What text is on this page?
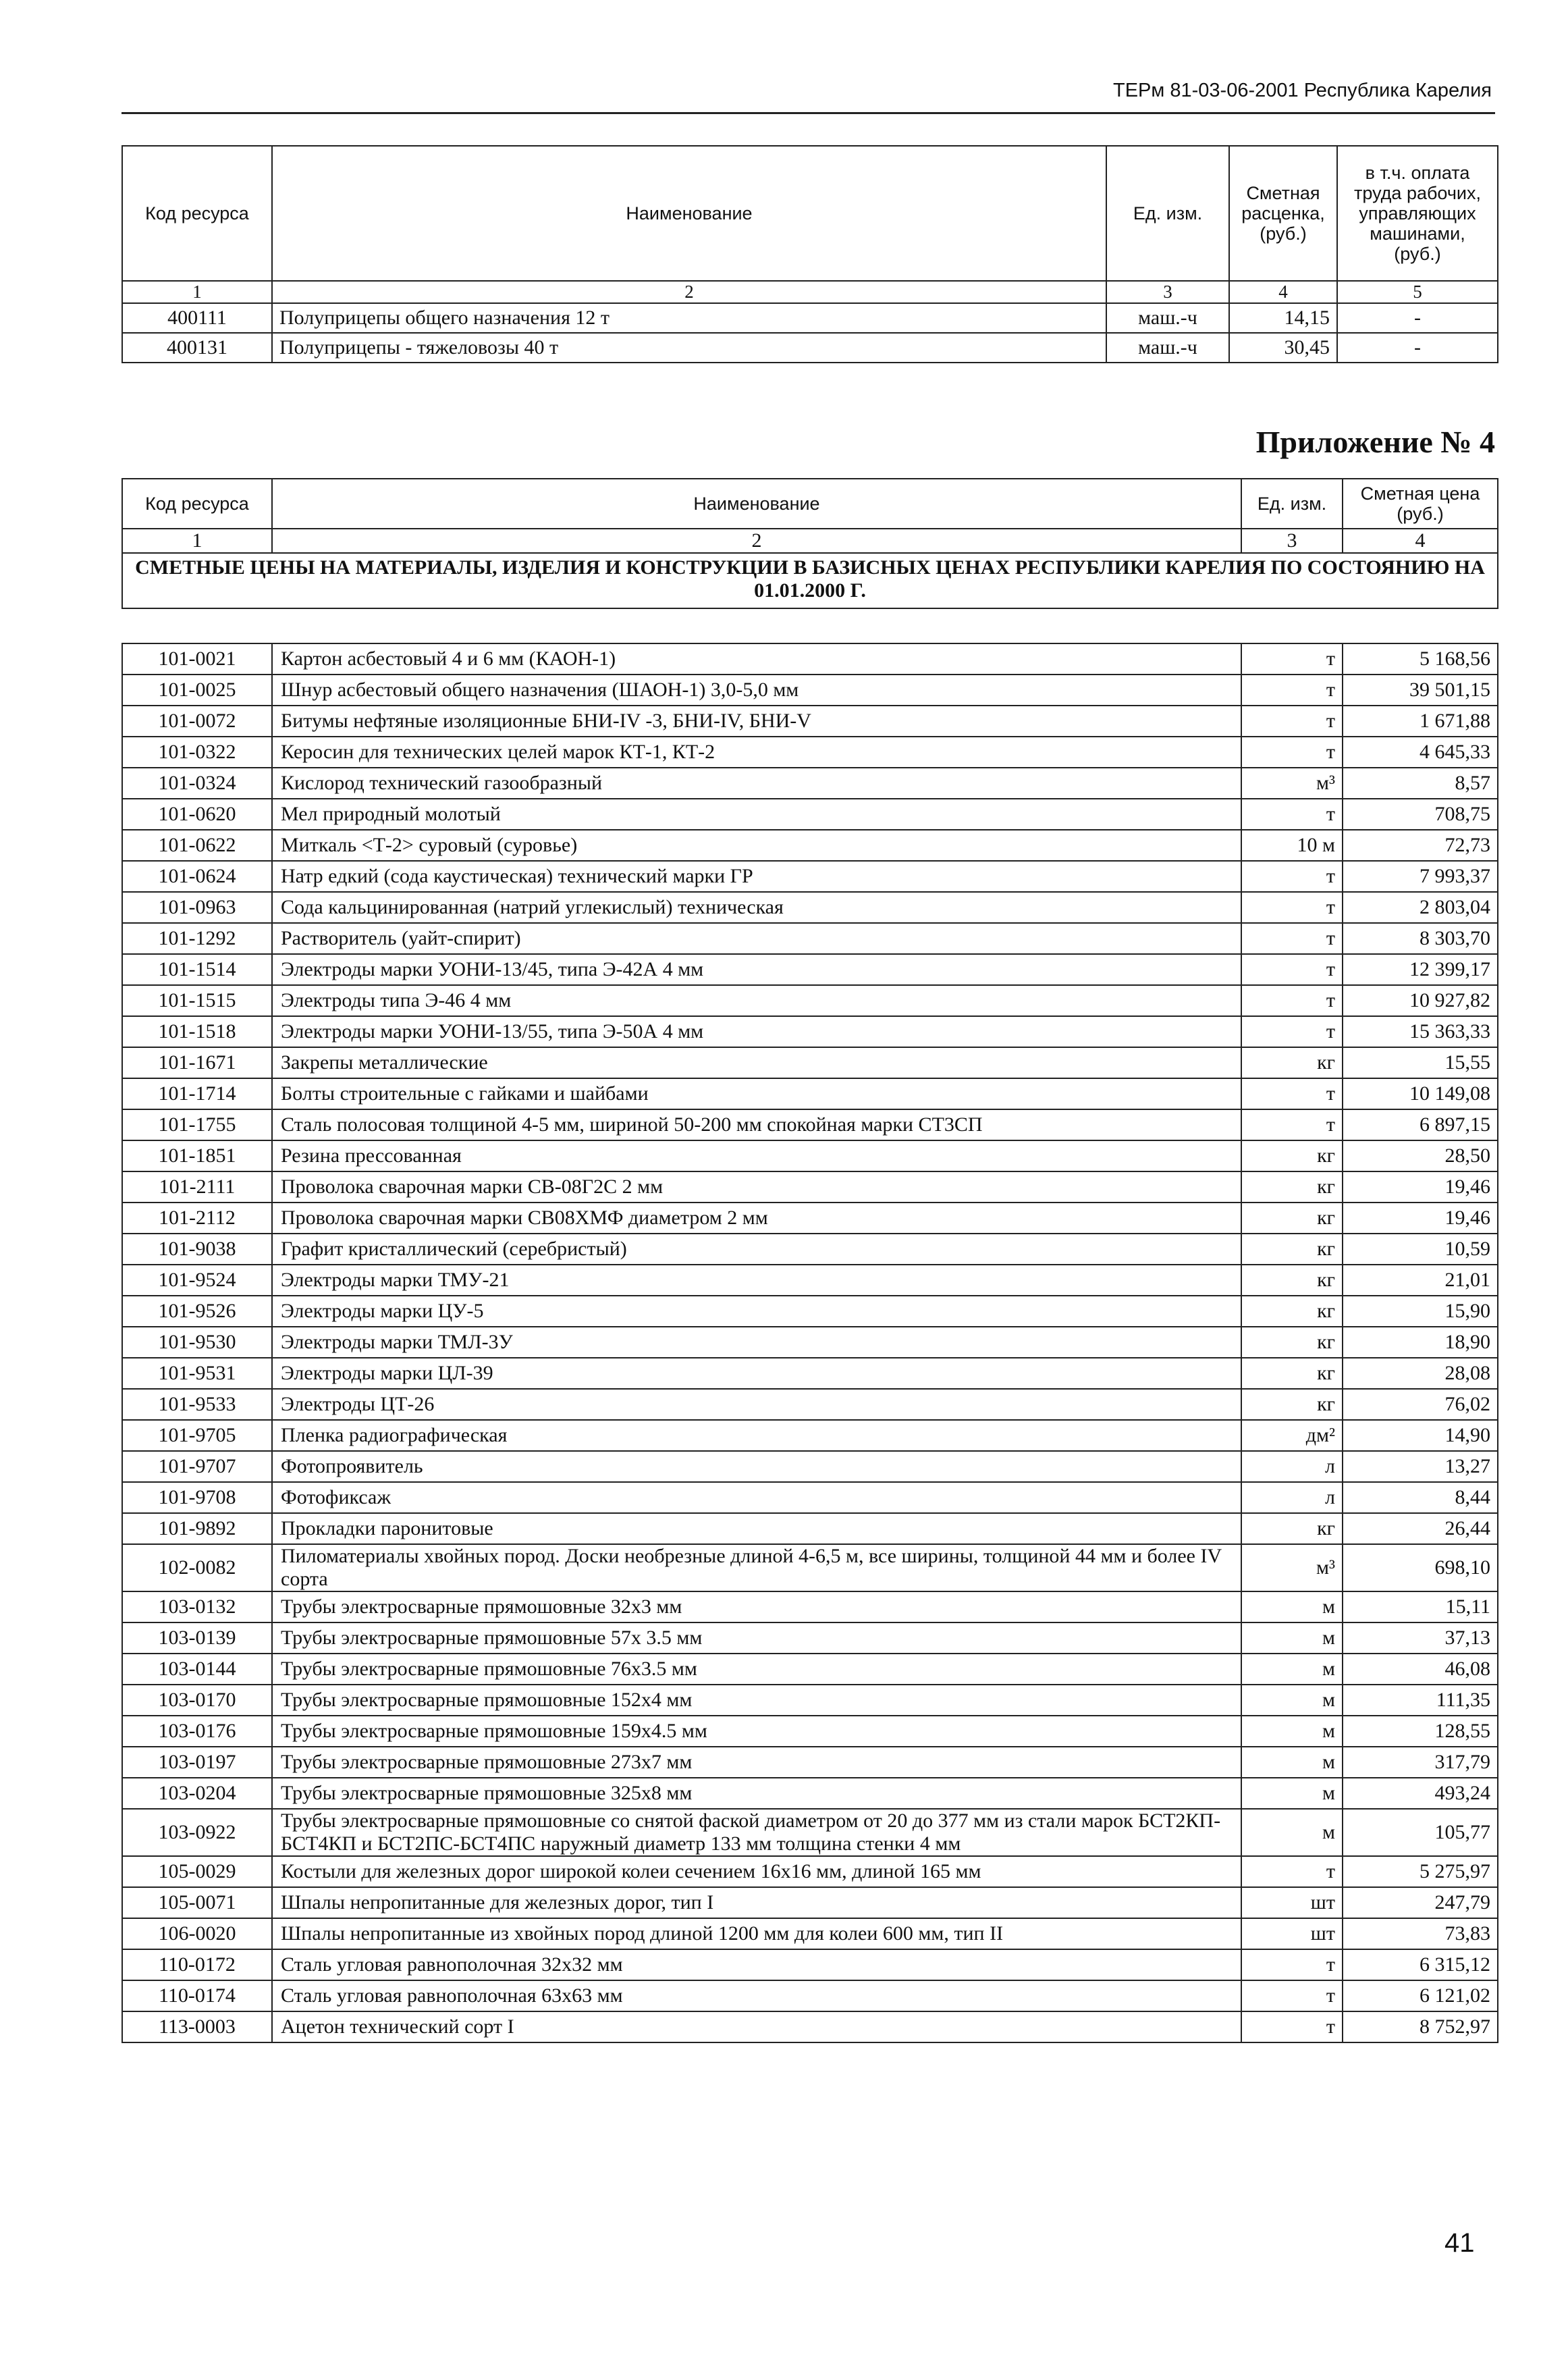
ТЕРм 81-03-06-2001 Республика Карелия
Код ресурса	Наименование	Ед. изм.	Сметная расценка, (руб.)	в т.ч. оплата труда рабочих, управляющих машинами, (руб.)
1	2	3	4	5
400111	Полуприцепы общего назначения 12 т	маш.-ч	14,15	-
400131	Полуприцепы - тяжеловозы 40 т	маш.-ч	30,45	-
Приложение № 4
Код ресурса	Наименование	Ед. изм.	Сметная цена (руб.)
1	2	3	4
СМЕТНЫЕ ЦЕНЫ НА МАТЕРИАЛЫ, ИЗДЕЛИЯ И КОНСТРУКЦИИ В БАЗИСНЫХ ЦЕНАХ РЕСПУБЛИКИ КАРЕЛИЯ ПО СОСТОЯНИЮ НА 01.01.2000 Г.			

101-0021	Картон асбестовый 4 и 6 мм (КАОН-1)	т	5 168,56
101-0025	Шнур асбестовый общего назначения (ШАОН-1) 3,0-5,0 мм	т	39 501,15
101-0072	Битумы нефтяные изоляционные БНИ-IV -3, БНИ-IV, БНИ-V	т	1 671,88
101-0322	Керосин для технических целей марок КТ-1, КТ-2	т	4 645,33
101-0324	Кислород технический газообразный	м³	8,57
101-0620	Мел природный молотый	т	708,75
101-0622	Миткаль <Т-2> суровый (суровье)	10 м	72,73
101-0624	Натр едкий (сода каустическая) технический марки ГР	т	7 993,37
101-0963	Сода кальцинированная (натрий углекислый) техническая	т	2 803,04
101-1292	Растворитель (уайт-спирит)	т	8 303,70
101-1514	Электроды марки УОНИ-13/45, типа Э-42А 4 мм	т	12 399,17
101-1515	Электроды типа Э-46 4 мм	т	10 927,82
101-1518	Электроды марки УОНИ-13/55, типа Э-50А 4 мм	т	15 363,33
101-1671	Закрепы металлические	кг	15,55
101-1714	Болты строительные с гайками и шайбами	т	10 149,08
101-1755	Сталь полосовая толщиной 4-5 мм, шириной 50-200 мм спокойная марки СТ3СП	т	6 897,15
101-1851	Резина прессованная	кг	28,50
101-2111	Проволока сварочная марки СВ-08Г2С 2 мм	кг	19,46
101-2112	Проволока сварочная марки СВ08ХМФ диаметром 2 мм	кг	19,46
101-9038	Графит кристаллический (серебристый)	кг	10,59
101-9524	Электроды марки ТМУ-21	кг	21,01
101-9526	Электроды марки ЦУ-5	кг	15,90
101-9530	Электроды марки ТМЛ-3У	кг	18,90
101-9531	Электроды марки ЦЛ-39	кг	28,08
101-9533	Электроды ЦТ-26	кг	76,02
101-9705	Пленка радиографическая	дм²	14,90
101-9707	Фотопроявитель	л	13,27
101-9708	Фотофиксаж	л	8,44
101-9892	Прокладки паронитовые	кг	26,44
102-0082	Пиломатериалы хвойных пород. Доски необрезные длиной 4-6,5 м, все ширины, толщиной 44 мм и более IV сорта	м³	698,10
103-0132	Трубы электросварные прямошовные 32х3 мм	м	15,11
103-0139	Трубы электросварные прямошовные 57х 3.5 мм	м	37,13
103-0144	Трубы электросварные прямошовные 76х3.5 мм	м	46,08
103-0170	Трубы электросварные прямошовные 152х4 мм	м	111,35
103-0176	Трубы электросварные прямошовные 159х4.5 мм	м	128,55
103-0197	Трубы электросварные прямошовные 273х7 мм	м	317,79
103-0204	Трубы электросварные прямошовные 325х8 мм	м	493,24
103-0922	Трубы электросварные прямошовные со снятой фаской диаметром от 20 до 377 мм из стали марок БСТ2КП-БСТ4КП и БСТ2ПС-БСТ4ПС наружный диаметр 133 мм толщина стенки 4 мм	м	105,77
105-0029	Костыли для железных дорог широкой колеи сечением 16х16 мм, длиной 165 мм	т	5 275,97
105-0071	Шпалы непропитанные для железных дорог, тип I	шт	247,79
106-0020	Шпалы непропитанные из хвойных пород длиной 1200 мм для колеи 600 мм, тип II	шт	73,83
110-0172	Сталь угловая равнополочная 32х32 мм	т	6 315,12
110-0174	Сталь угловая равнополочная 63х63 мм	т	6 121,02
113-0003	Ацетон технический сорт I	т	8 752,97
41
